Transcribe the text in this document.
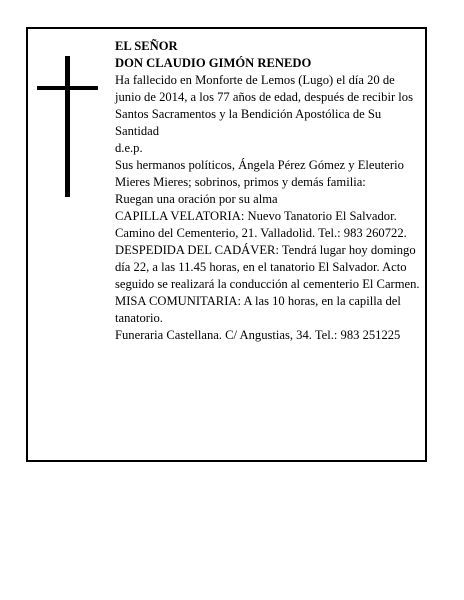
EL SEÑOR

DON CLAUDIO GIMÓN RENEDO

Ha fallecido en Monforte de Lemos (Lugo) el día 20 de junio de 2014, a los 77 años de edad, después de recibir los Santos Sacramentos y la Bendición Apostólica de Su Santidad

d.e.p.

Sus hermanos políticos, Ángela Pérez Gómez y Eleuterio Mieres Mieres; sobrinos, primos y demás familia:

Ruegan una oración por su alma

CAPILLA VELATORIA: Nuevo Tanatorio El Salvador. Camino del Cementerio, 21. Valladolid. Tel.: 983 260722.

DESPEDIDA DEL CADÁVER: Tendrá lugar hoy domingo día 22, a las 11.45 horas, en el tanatorio El Salvador. Acto seguido se realizará la conducción al cementerio El Carmen.

MISA COMUNITARIA: A las 10 horas, en la capilla del tanatorio.

Funeraria Castellana. C/ Angustias, 34. Tel.: 983 251225
